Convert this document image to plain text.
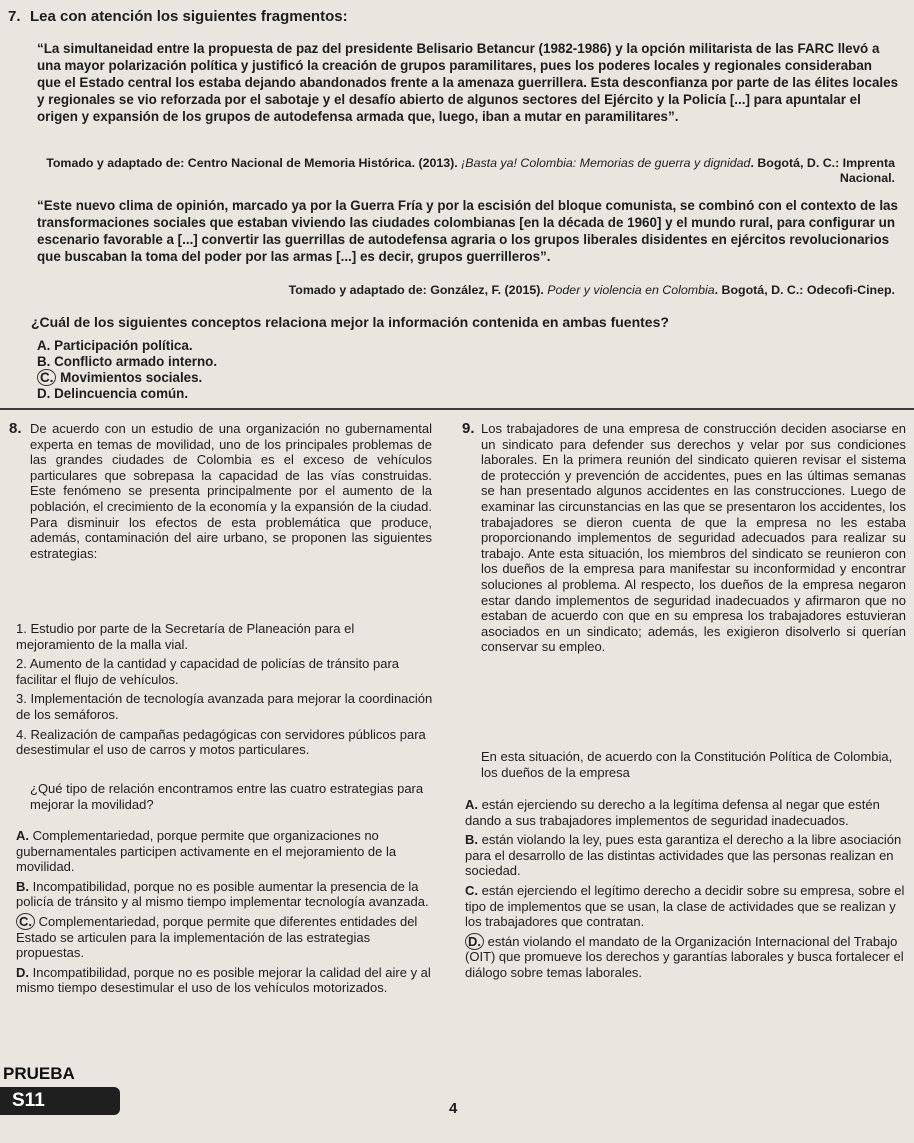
7. Lea con atención los siguientes fragmentos:
“La simultaneidad entre la propuesta de paz del presidente Belisario Betancur (1982-1986) y la opción militarista de las FARC llevó a una mayor polarización política y justificó la creación de grupos paramilitares, pues los poderes locales y regionales consideraban que el Estado central los estaba dejando abandonados frente a la amenaza guerrillera. Esta desconfianza por parte de las élites locales y regionales se vio reforzada por el sabotaje y el desafío abierto de algunos sectores del Ejército y la Policía [...] para apuntalar el origen y expansión de los grupos de autodefensa armada que, luego, iban a mutar en paramilitares”.
Tomado y adaptado de: Centro Nacional de Memoria Histórica. (2013). ¡Basta ya! Colombia: Memorias de guerra y dignidad. Bogotá, D. C.: Imprenta Nacional.
“Este nuevo clima de opinión, marcado ya por la Guerra Fría y por la escisión del bloque comunista, se combinó con el contexto de las transformaciones sociales que estaban viviendo las ciudades colombianas [en la década de 1960] y el mundo rural, para configurar un escenario favorable a [...] convertir las guerrillas de autodefensa agraria o los grupos liberales disidentes en ejércitos revolucionarios que buscaban la toma del poder por las armas [...] es decir, grupos guerrilleros”.
Tomado y adaptado de: González, F. (2015). Poder y violencia en Colombia. Bogotá, D. C.: Odecofi-Cinep.
¿Cuál de los siguientes conceptos relaciona mejor la información contenida en ambas fuentes?
A. Participación política.
B. Conflicto armado interno.
C. Movimientos sociales.
D. Delincuencia común.
8. De acuerdo con un estudio de una organización no gubernamental experta en temas de movilidad, uno de los principales problemas de las grandes ciudades de Colombia es el exceso de vehículos particulares que sobrepasa la capacidad de las vías construidas. Este fenómeno se presenta principalmente por el aumento de la población, el crecimiento de la economía y la expansión de la ciudad. Para disminuir los efectos de esta problemática que produce, además, contaminación del aire urbano, se proponen las siguientes estrategias:
1. Estudio por parte de la Secretaría de Planeación para el mejoramiento de la malla vial.
2. Aumento de la cantidad y capacidad de policías de tránsito para facilitar el flujo de vehículos.
3. Implementación de tecnología avanzada para mejorar la coordinación de los semáforos.
4. Realización de campañas pedagógicas con servidores públicos para desestimular el uso de carros y motos particulares.
¿Qué tipo de relación encontramos entre las cuatro estrategias para mejorar la movilidad?
A. Complementariedad, porque permite que organizaciones no gubernamentales participen activamente en el mejoramiento de la movilidad.
B. Incompatibilidad, porque no es posible aumentar la presencia de la policía de tránsito y al mismo tiempo implementar tecnología avanzada.
C. Complementariedad, porque permite que diferentes entidades del Estado se articulen para la implementación de las estrategias propuestas.
D. Incompatibilidad, porque no es posible mejorar la calidad del aire y al mismo tiempo desestimular el uso de los vehículos motorizados.
9. Los trabajadores de una empresa de construcción deciden asociarse en un sindicato para defender sus derechos y velar por sus condiciones laborales. En la primera reunión del sindicato quieren revisar el sistema de protección y prevención de accidentes, pues en las últimas semanas se han presentado algunos accidentes en las construcciones. Luego de examinar las circunstancias en las que se presentaron los accidentes, los trabajadores se dieron cuenta de que la empresa no les estaba proporcionando implementos de seguridad adecuados para realizar su trabajo. Ante esta situación, los miembros del sindicato se reunieron con los dueños de la empresa para manifestar su inconformidad y encontrar soluciones al problema. Al respecto, los dueños de la empresa negaron estar dando implementos de seguridad inadecuados y afirmaron que no estaban de acuerdo con que en su empresa los trabajadores estuvieran asociados en un sindicato; además, les exigieron disolverlo si querían conservar su empleo.
En esta situación, de acuerdo con la Constitución Política de Colombia, los dueños de la empresa
A. están ejerciendo su derecho a la legítima defensa al negar que estén dando a sus trabajadores implementos de seguridad inadecuados.
B. están violando la ley, pues esta garantiza el derecho a la libre asociación para el desarrollo de las distintas actividades que las personas realizan en sociedad.
C. están ejerciendo el legítimo derecho a decidir sobre su empresa, sobre el tipo de implementos que se usan, la clase de actividades que se realizan y los trabajadores que contratan.
D. están violando el mandato de la Organización Internacional del Trabajo (OIT) que promueve los derechos y garantías laborales y busca fortalecer el diálogo sobre temas laborales.
PRUEBA
S11	4
